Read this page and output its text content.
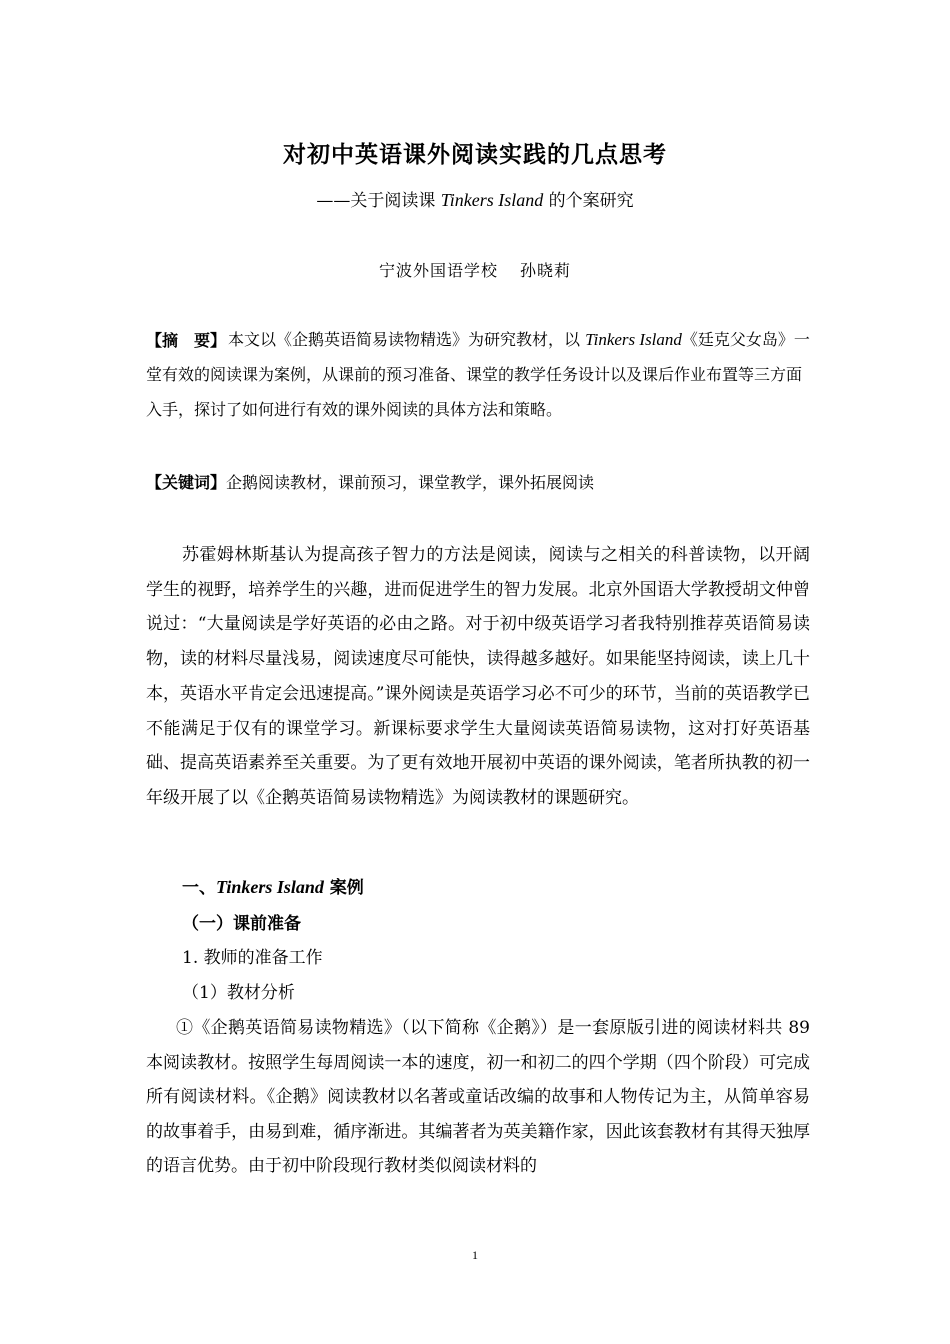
对初中英语课外阅读实践的几点思考
——关于阅读课 Tinkers Island 的个案研究
宁波外国语学校 孙晓莉
【摘　要】 本文以《企鹅英语简易读物精选》为研究教材，以 Tinkers Island《廷克父女岛》一堂有效的阅读课为案例，从课前的预习准备、课堂的教学任务设计以及课后作业布置等三方面入手，探讨了如何进行有效的课外阅读的具体方法和策略。
【关键词】企鹅阅读教材，课前预习，课堂教学，课外拓展阅读

苏霍姆林斯基认为提高孩子智力的方法是阅读，阅读与之相关的科普读物，以开阔学生的视野，培养学生的兴趣，进而促进学生的智力发展。北京外国语大学教授胡文仲曾说过：“大量阅读是学好英语的必由之路。对于初中级英语学习者我特别推荐英语简易读物，读的材料尽量浅易，阅读速度尽可能快，读得越多越好。如果能坚持阅读，读上几十本，英语水平肯定会迅速提高。”课外阅读是英语学习必不可少的环节，当前的英语教学已不能满足于仅有的课堂学习。新课标要求学生大量阅读英语简易读物，这对打好英语基础、提高英语素养至关重要。为了更有效地开展初中英语的课外阅读，笔者所执教的初一年级开展了以《企鹅英语简易读物精选》为阅读教材的课题研究。

一、Tinkers Island 案例
（一）课前准备
1. 教师的准备工作
（1）教材分析

①《企鹅英语简易读物精选》（以下简称《企鹅》）是一套原版引进的阅读材料共 89 本阅读教材。按照学生每周阅读一本的速度，初一和初二的四个学期（四个阶段）可完成所有阅读材料。《企鹅》阅读教材以名著或童话改编的故事和人物传记为主，从简单容易的故事着手，由易到难，循序渐进。其编著者为英美籍作家，因此该套教材有其得天独厚的语言优势。由于初中阶段现行教材类似阅读材料的

1
